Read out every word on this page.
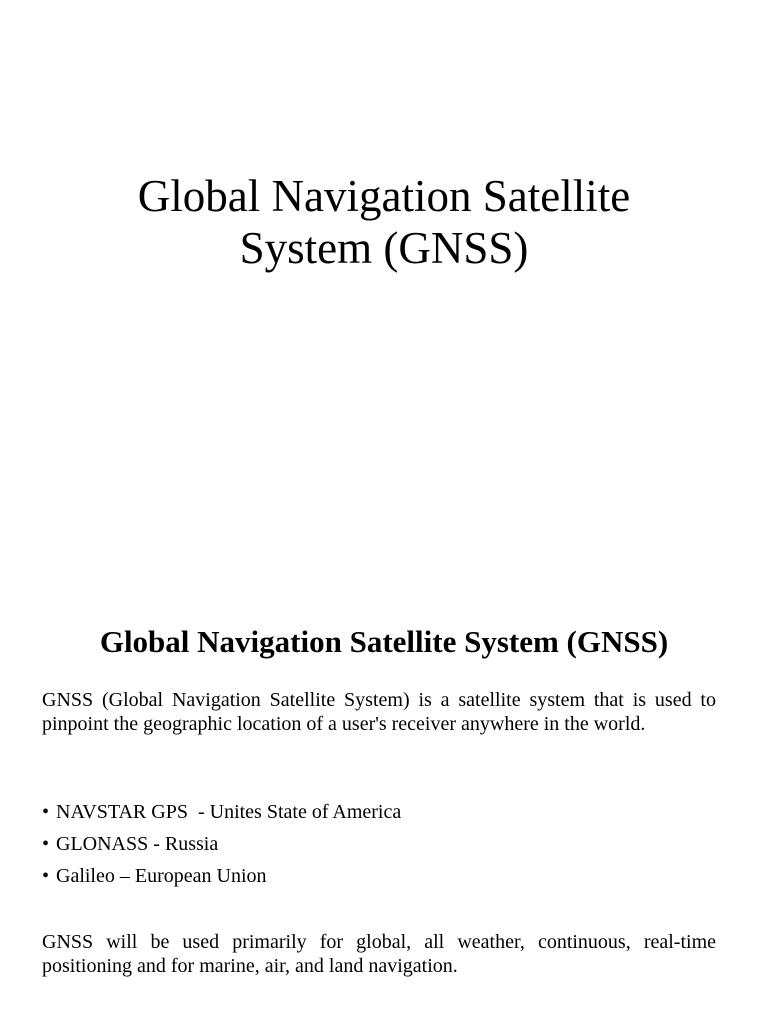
Global Navigation Satellite
System (GNSS)
Global Navigation Satellite System (GNSS)

GNSS (Global Navigation Satellite System) is a satellite system that is used to pinpoint the geographic location of a user's receiver anywhere in the world.

• NAVSTAR GPS  - Unites State of America
• GLONASS - Russia
• Galileo – European Union

GNSS will be used primarily for global, all weather, continuous, real-time positioning and for marine, air, and land navigation.
